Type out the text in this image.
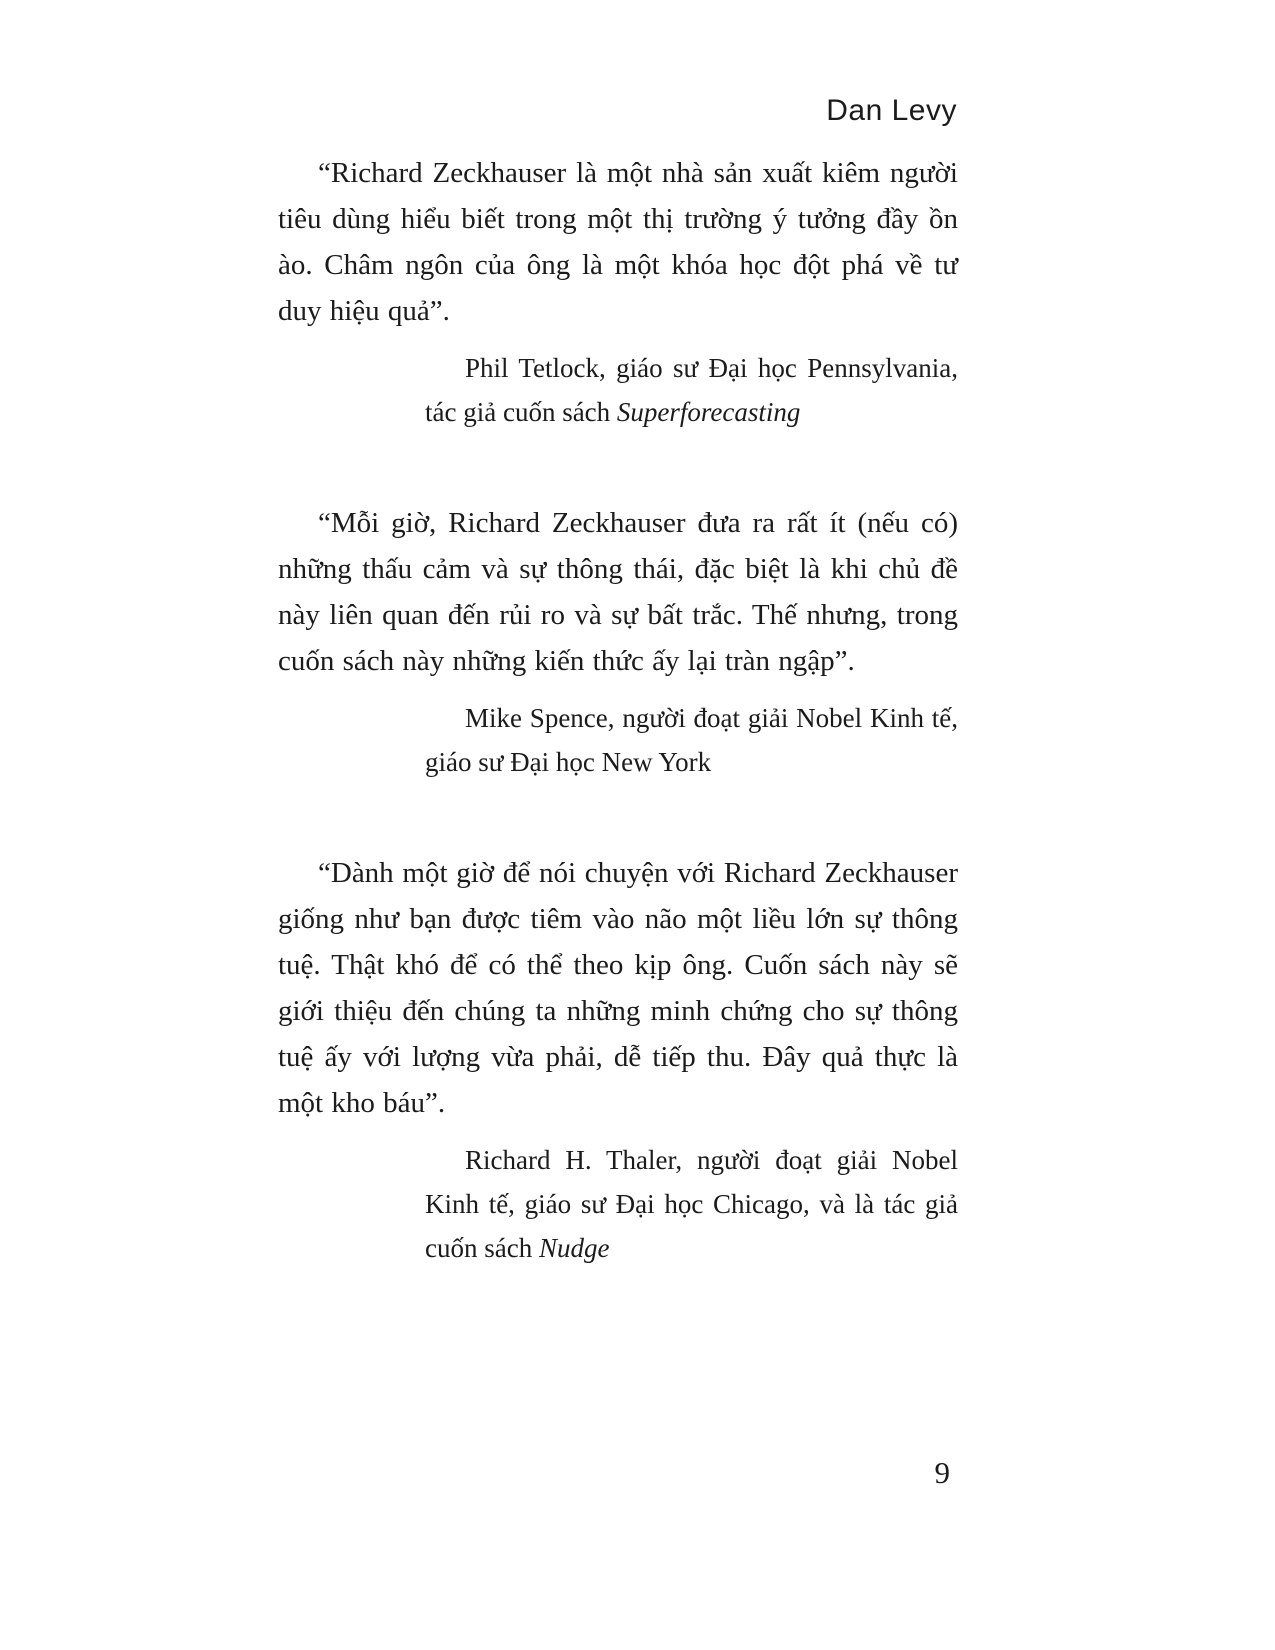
Dan Levy

“Richard Zeckhauser là một nhà sản xuất kiêm người tiêu dùng hiểu biết trong một thị trường ý tưởng đầy ồn ào. Châm ngôn của ông là một khóa học đột phá về tư duy hiệu quả”.

Phil Tetlock, giáo sư Đại học Pennsylvania, tác giả cuốn sách Superforecasting

“Mỗi giờ, Richard Zeckhauser đưa ra rất ít (nếu có) những thấu cảm và sự thông thái, đặc biệt là khi chủ đề này liên quan đến rủi ro và sự bất trắc. Thế nhưng, trong cuốn sách này những kiến thức ấy lại tràn ngập”.

Mike Spence, người đoạt giải Nobel Kinh tế, giáo sư Đại học New York

“Dành một giờ để nói chuyện với Richard Zeckhauser giống như bạn được tiêm vào não một liều lớn sự thông tuệ. Thật khó để có thể theo kịp ông. Cuốn sách này sẽ giới thiệu đến chúng ta những minh chứng cho sự thông tuệ ấy với lượng vừa phải, dễ tiếp thu. Đây quả thực là một kho báu”.

Richard H. Thaler, người đoạt giải Nobel Kinh tế, giáo sư Đại học Chicago, và là tác giả cuốn sách Nudge

9
